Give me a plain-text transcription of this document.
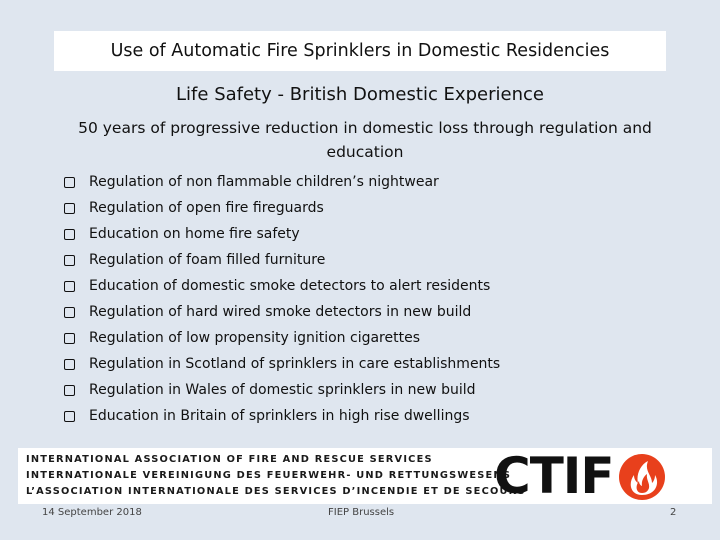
Use of Automatic Fire Sprinklers in Domestic Residencies
Life Safety - British Domestic Experience
50 years of progressive reduction in domestic loss through regulation and education
Regulation of non flammable children’s nightwear
Regulation of open fire fireguards
Education on home fire safety
Regulation of foam filled furniture
Education of domestic smoke detectors to alert residents
Regulation of hard wired smoke detectors in new build
Regulation of low propensity ignition cigarettes
Regulation in Scotland of sprinklers in care establishments
Regulation in Wales of domestic sprinklers in new build
Education in Britain of sprinklers in high rise dwellings
INTERNATIONAL ASSOCIATION OF FIRE AND RESCUE SERVICES
INTERNATIONALE VEREINIGUNG DES FEUERWEHR- UND RETTUNGSWESENS
L’ASSOCIATION INTERNATIONALE DES SERVICES D’INCENDIE ET DE SECOURS
CTIF
14 September 2018	FIEP Brussels	2
